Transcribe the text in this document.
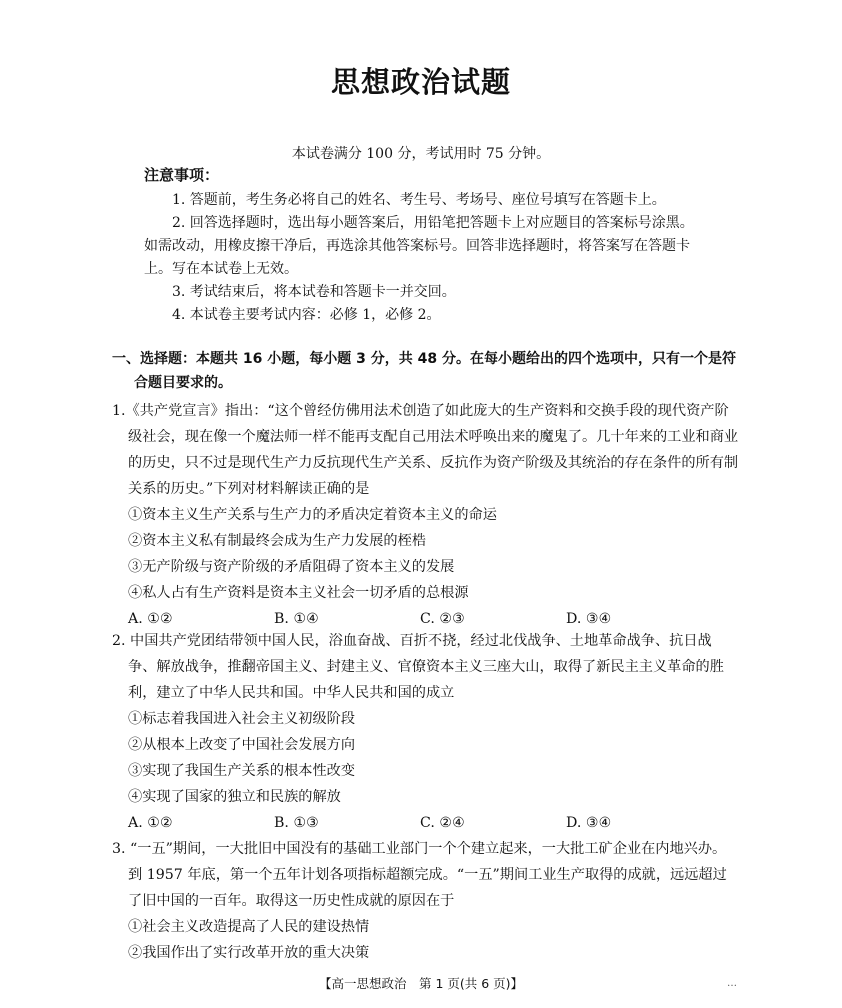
思想政治试题
本试卷满分 100 分，考试用时 75 分钟。
注意事项：

1. 答题前，考生务必将自己的姓名、考生号、考场号、座位号填写在答题卡上。

2. 回答选择题时，选出每小题答案后，用铅笔把答题卡上对应题目的答案标号涂黑。如需改动，用橡皮擦干净后，再选涂其他答案标号。回答非选择题时，将答案写在答题卡上。写在本试卷上无效。

3. 考试结束后，将本试卷和答题卡一并交回。

4. 本试卷主要考试内容：必修 1，必修 2。

一、选择题：本题共 16 小题，每小题 3 分，共 48 分。在每小题给出的四个选项中，只有一个是符
合题目要求的。

1.《共产党宣言》指出：“这个曾经仿佛用法术创造了如此庞大的生产资料和交换手段的现代资产阶级社会，现在像一个魔法师一样不能再支配自己用法术呼唤出来的魔鬼了。几十年来的工业和商业的历史，只不过是现代生产力反抗现代生产关系、反抗作为资产阶级及其统治的存在条件的所有制关系的历史。”下列对材料解读正确的是

①资本主义生产关系与生产力的矛盾决定着资本主义的命运

②资本主义私有制最终会成为生产力发展的桎梏

③无产阶级与资产阶级的矛盾阻碍了资本主义的发展

④私人占有生产资料是资本主义社会一切矛盾的总根源

A. ①②	B. ①④	C. ②③	D. ③④

2. 中国共产党团结带领中国人民，浴血奋战、百折不挠，经过北伐战争、土地革命战争、抗日战争、解放战争，推翻帝国主义、封建主义、官僚资本主义三座大山，取得了新民主主义革命的胜利，建立了中华人民共和国。中华人民共和国的成立

①标志着我国进入社会主义初级阶段

②从根本上改变了中国社会发展方向

③实现了我国生产关系的根本性改变

④实现了国家的独立和民族的解放

A. ①②	B. ①③	C. ②④	D. ③④

3. “一五”期间，一大批旧中国没有的基础工业部门一个个建立起来，一大批工矿企业在内地兴办。到 1957 年底，第一个五年计划各项指标超额完成。“一五”期间工业生产取得的成就，远远超过了旧中国的一百年。取得这一历史性成就的原因在于

①社会主义改造提高了人民的建设热情

②我国作出了实行改革开放的重大决策

【高一思想政治　第 1 页(共 6 页)】	…
